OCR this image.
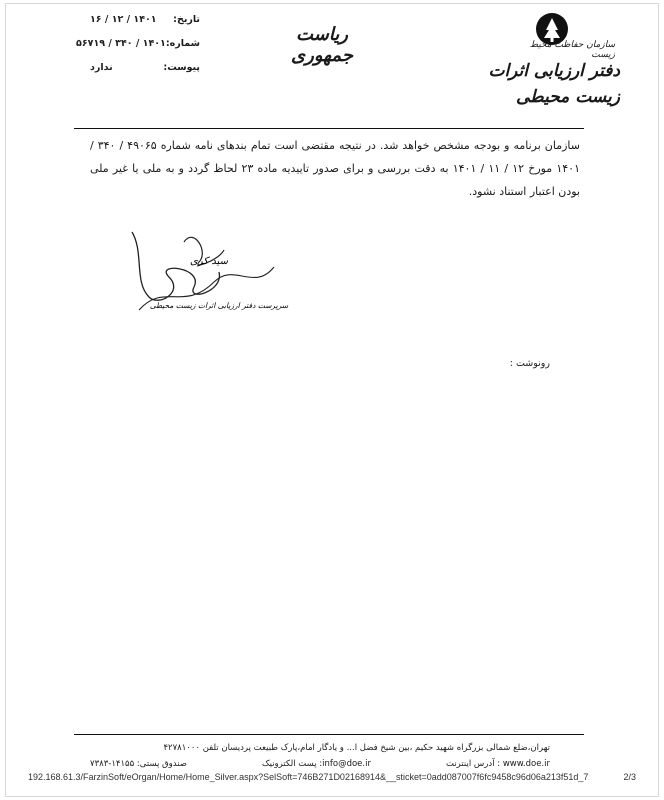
تاریخ:
۱۴۰۱ / ۱۲ / ۱۶
شماره:
۱۴۰۱ / ۳۴۰ / ۵۶۷۱۹
پیوست:
ندارد
ریاست جمهوری	سازمان حفاظت محیط زیست
دفتر ارزیابی اثرات زیست محیطی
سازمان برنامه و بودجه مشخص خواهد شد. در نتیجه مقتضی است تمام بندهای نامه شماره ۴۹۰۶۵ / ۳۴۰ / ۱۴۰۱ مورخ ۱۲ / ۱۱ / ۱۴۰۱ به دقت بررسی و برای صدور تاییدیه ماده ۲۳ لحاظ گردد و به ملی یا غیر ملی بودن اعتبار استناد نشود.
سید کری
سرپرست دفتر ارزیابی اثرات زیست محیطی
رونوشت :
تهران،ضلع شمالی بزرگراه شهید حکیم ،بین شیخ فضل ا... و یادگار امام،پارک طبیعت پردیسان تلفن ۴۲۷۸۱۰۰۰
www.doe.ir : آدرس اینترنت
info@doe.ir: پست الکترونیک
صندوق پستی: ۱۴۱۵۵-۷۳۸۳
192.168.61.3/FarzinSoft/eOrgan/Home/Home_Silver.aspx?SelSoft=746B271D02168914&__sticket=0add087007f6fc9458c96d06a213f51d_7	2/3
